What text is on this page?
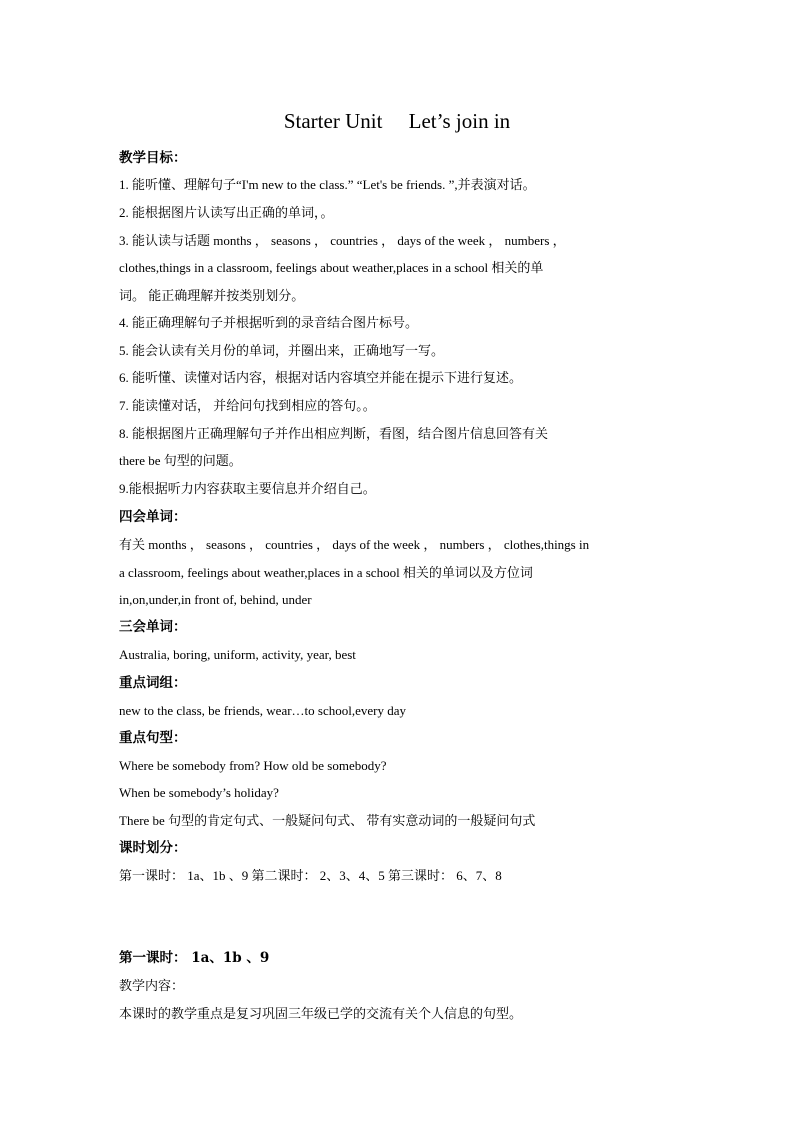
Starter Unit     Let’s join in
教学目标：
1. 能听懂、理解句子“I'm new to the class.” “Let's be friends. ”,并表演对话。
2. 能根据图片认读写出正确的单词，。
3. 能认读与话题 months ， seasons ， countries ， days of the week ， numbers ，
clothes,things in a classroom, feelings about weather,places in a school 相关的单
词。 能正确理解并按类别划分。
4. 能正确理解句子并根据听到的录音结合图片标号。
5. 能会认读有关月份的单词，并圈出来，正确地写一写。
6. 能听懂、读懂对话内容，根据对话内容填空并能在提示下进行复述。
7. 能读懂对话， 并给问句找到相应的答句。。
8. 能根据图片正确理解句子并作出相应判断，看图，结合图片信息回答有关
there be 句型的问题。
9.能根据听力内容获取主要信息并介绍自己。
四会单词：
有关 months ， seasons ， countries ， days of the week ， numbers ， clothes,things in
a classroom, feelings about weather,places in a school 相关的单词以及方位词
in,on,under,in front of, behind, under
三会单词：
Australia, boring, uniform, activity, year, best
重点词组：
new to the class, be friends, wear…to school,every day
重点句型：
Where be somebody from? How old be somebody?
When be somebody’s holiday?
There be 句型的肯定句式、一般疑问句式、 带有实意动词的一般疑问句式
课时划分：
第一课时： 1a、1b 、9 第二课时： 2、3、4、5 第三课时： 6、7、8
第一课时： 1a、1b 、9
教学内容：
本课时的教学重点是复习巩固三年级已学的交流有关个人信息的句型。
